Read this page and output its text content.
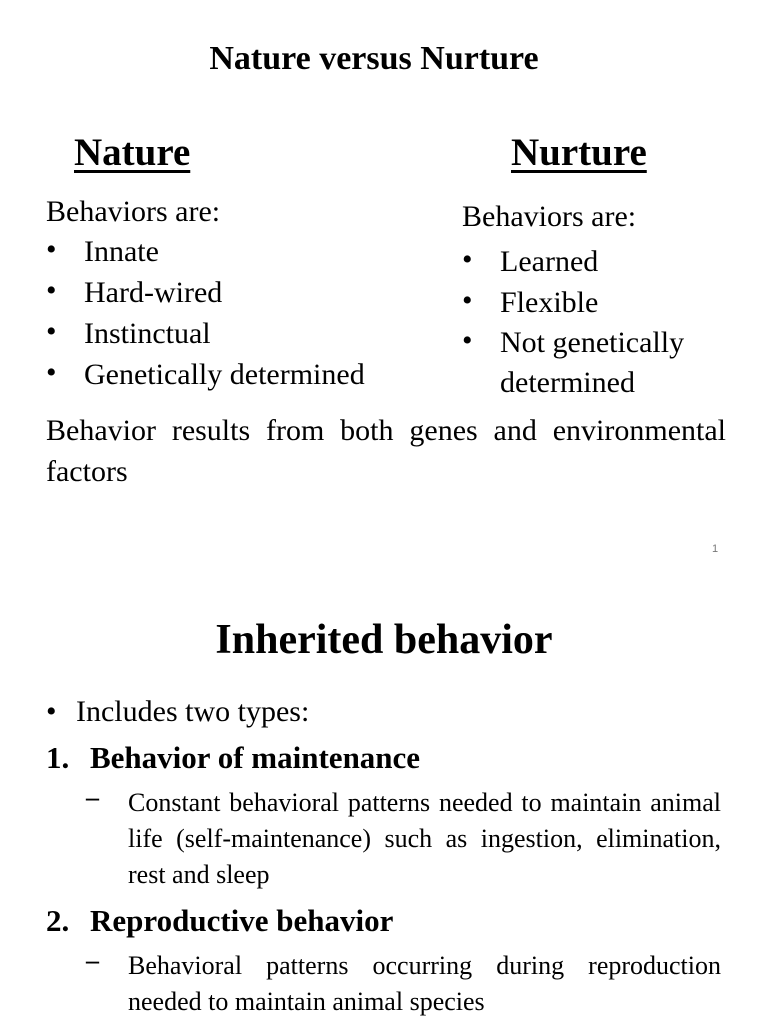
Nature versus Nurture
Nature	Nurture
Behaviors are:	Behaviors are:
• Innate
• Hard-wired
• Instinctual
• Genetically determined
• Learned
• Flexible
• Not genetically determined
Behavior results from both genes and environmental factors
1
Inherited behavior
• Includes two types:
1. Behavior of maintenance
– Constant behavioral patterns needed to maintain animal life (self-maintenance) such as ingestion, elimination, rest and sleep
2. Reproductive behavior
– Behavioral patterns occurring during reproduction needed to maintain animal species
